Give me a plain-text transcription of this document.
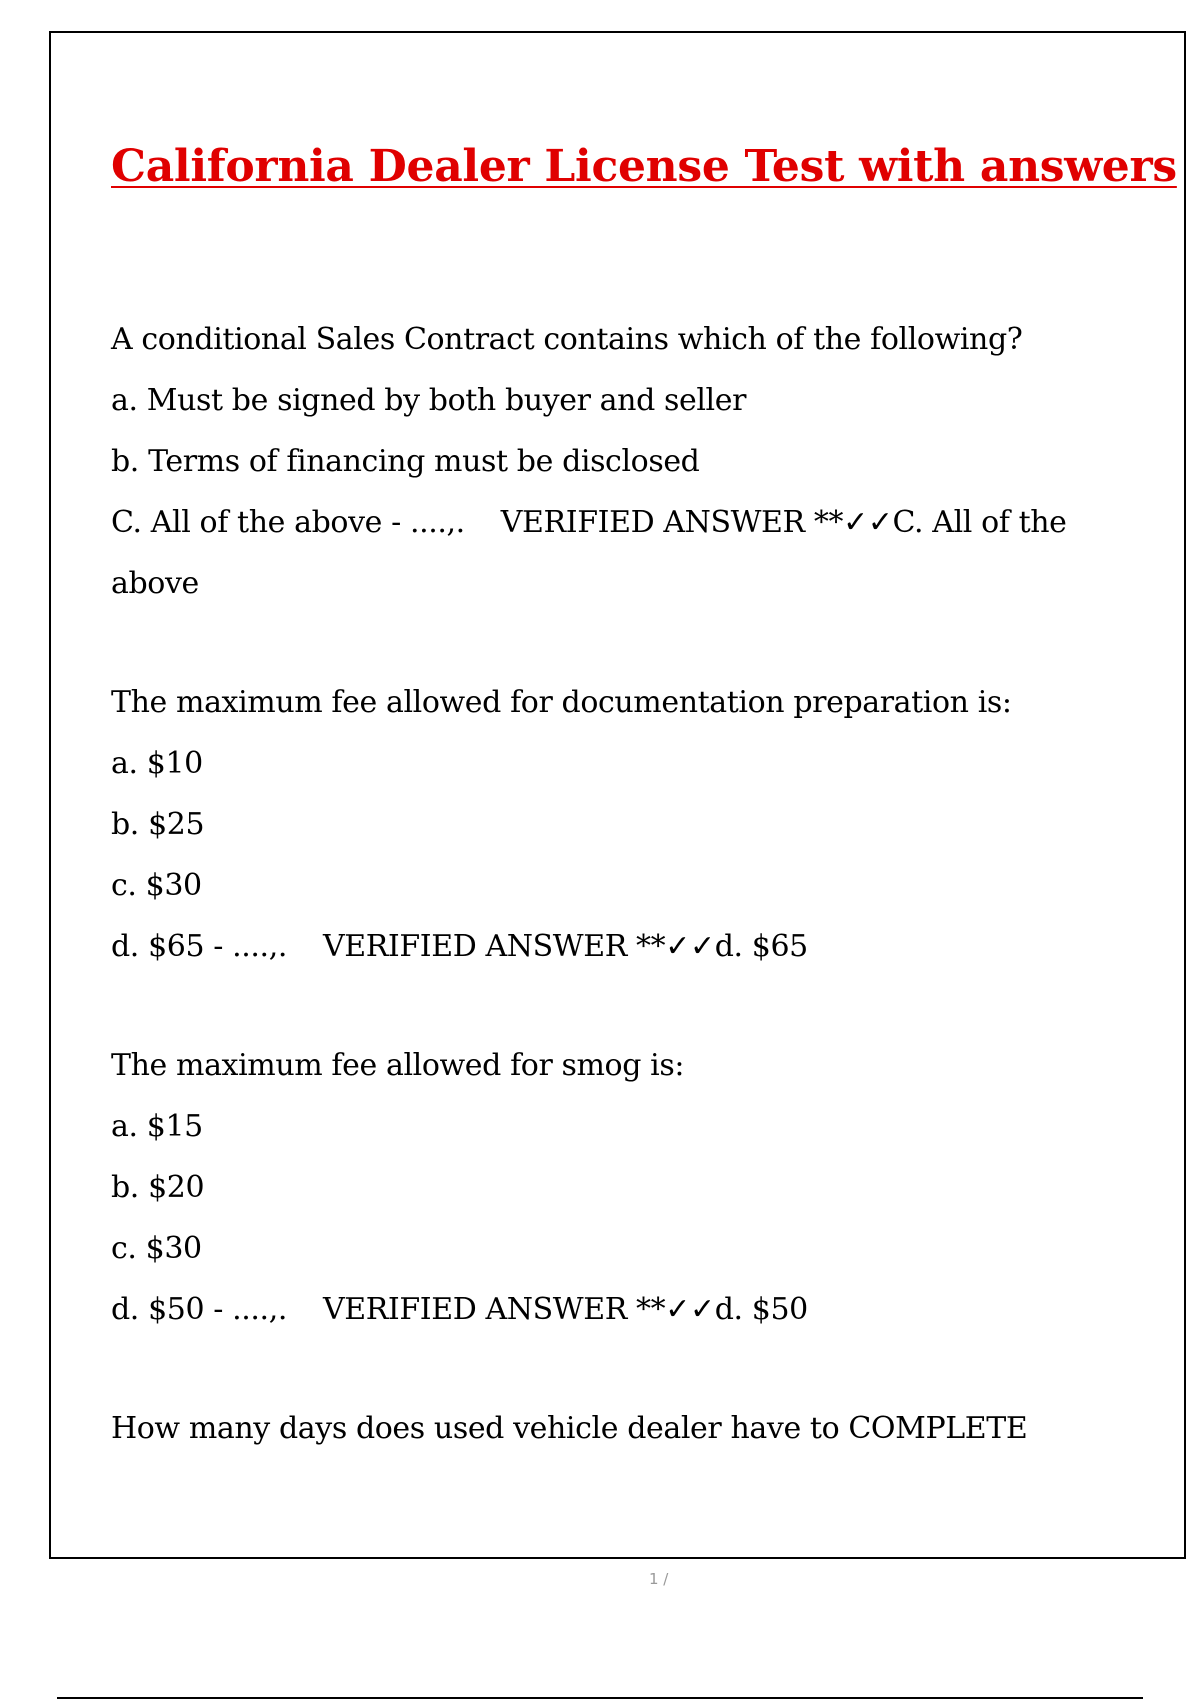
California Dealer License Test with answers
A conditional Sales Contract contains which of the following?
a. Must be signed by both buyer and seller
b. Terms of financing must be disclosed
C. All of the above - ....,. VERIFIED ANSWER **✓✓C. All of the above
The maximum fee allowed for documentation preparation is:
a. $10
b. $25
c. $30
d. $65 - ....,. VERIFIED ANSWER **✓✓d. $65
The maximum fee allowed for smog is:
a. $15
b. $20
c. $30
d. $50 - ....,. VERIFIED ANSWER **✓✓d. $50
How many days does used vehicle dealer have to COMPLETE
1 /
